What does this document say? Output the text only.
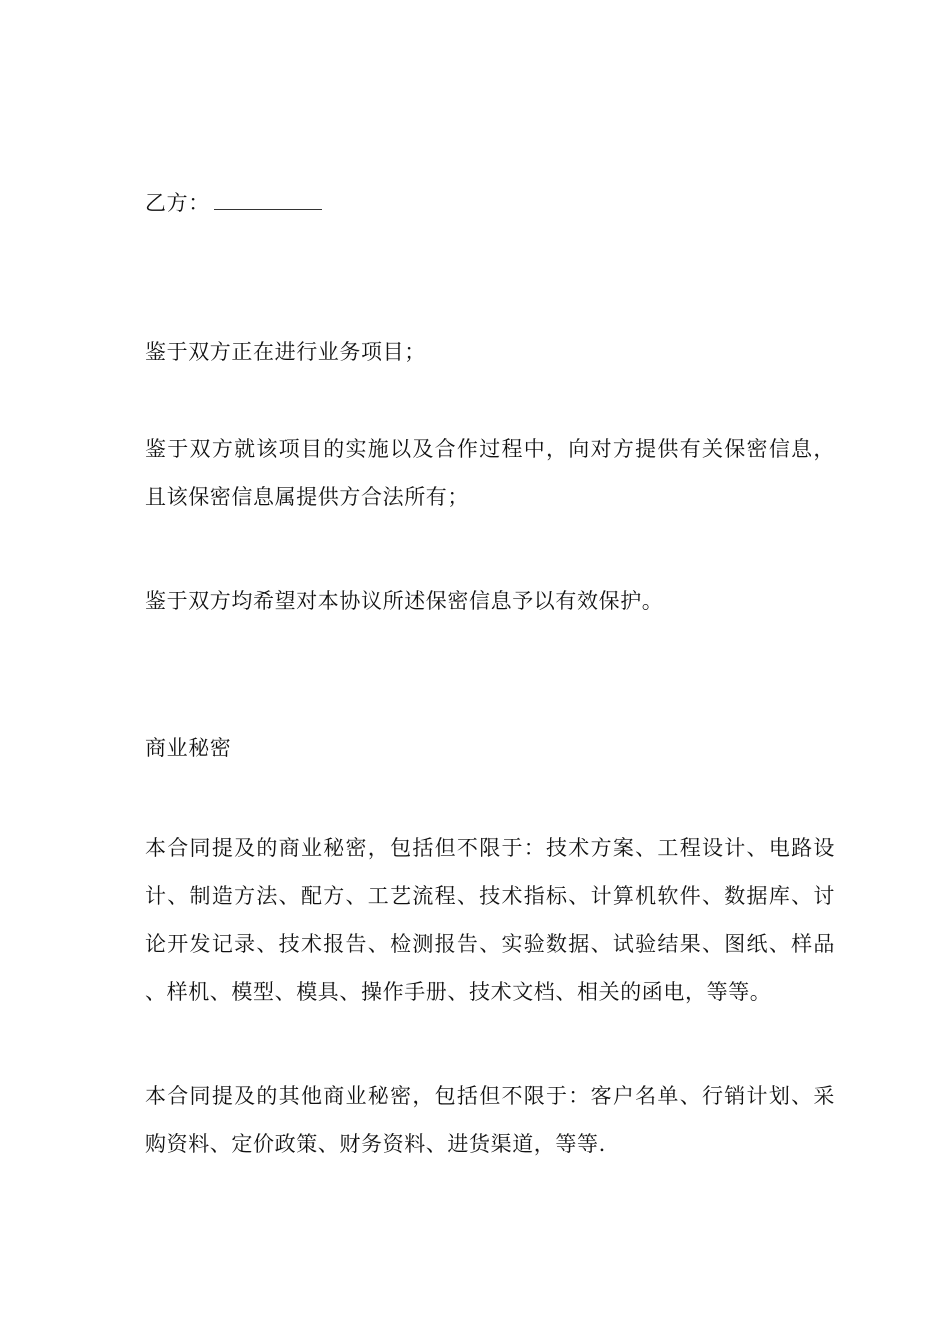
乙方：
鉴于双方正在进行业务项目；
鉴于双方就该项目的实施以及合作过程中，向对方提供有关保密信息，且该保密信息属提供方合法所有；
鉴于双方均希望对本协议所述保密信息予以有效保护。
商业秘密
本合同提及的商业秘密，包括但不限于：技术方案、工程设计、电路设计、制造方法、配方、工艺流程、技术指标、计算机软件、数据库、讨论开发记录、技术报告、检测报告、实验数据、试验结果、图纸、样品、样机、模型、模具、操作手册、技术文档、相关的函电，等等。
本合同提及的其他商业秘密，包括但不限于：客户名单、行销计划、采购资料、定价政策、财务资料、进货渠道，等等.
